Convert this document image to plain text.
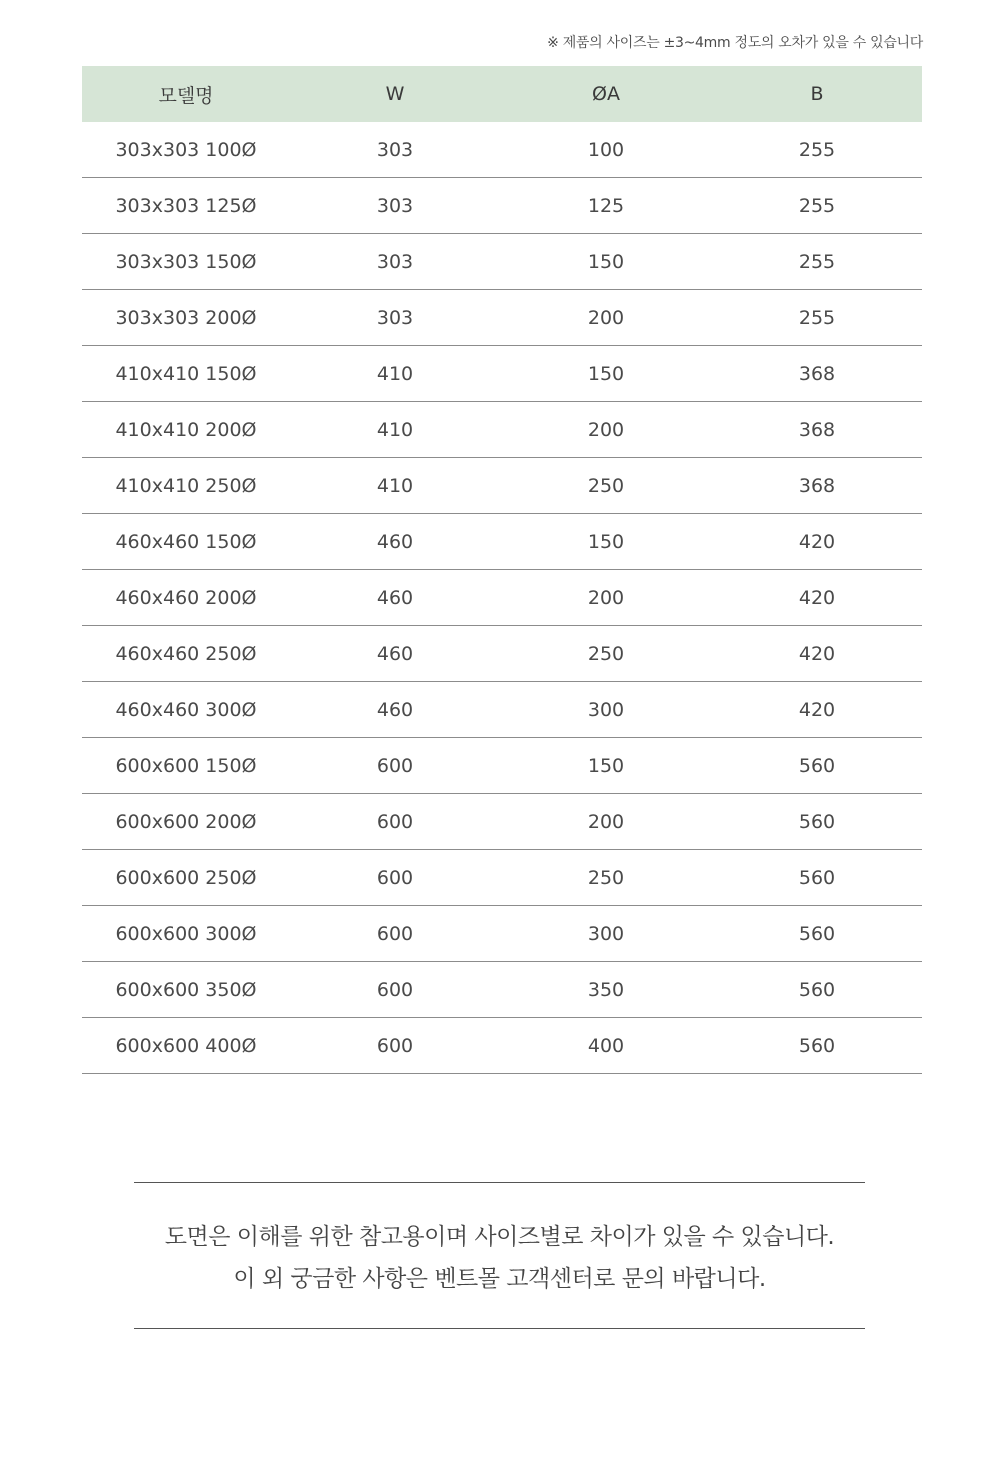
※ 제품의 사이즈는 ±3~4mm 정도의 오차가 있을 수 있습니다
모델명	W	ØA	B
303x303 100Ø	303	100	255
303x303 125Ø	303	125	255
303x303 150Ø	303	150	255
303x303 200Ø	303	200	255
410x410 150Ø	410	150	368
410x410 200Ø	410	200	368
410x410 250Ø	410	250	368
460x460 150Ø	460	150	420
460x460 200Ø	460	200	420
460x460 250Ø	460	250	420
460x460 300Ø	460	300	420
600x600 150Ø	600	150	560
600x600 200Ø	600	200	560
600x600 250Ø	600	250	560
600x600 300Ø	600	300	560
600x600 350Ø	600	350	560
600x600 400Ø	600	400	560
도면은 이해를 위한 참고용이며 사이즈별로 차이가 있을 수 있습니다.
이 외 궁금한 사항은 벤트몰 고객센터로 문의 바랍니다.
